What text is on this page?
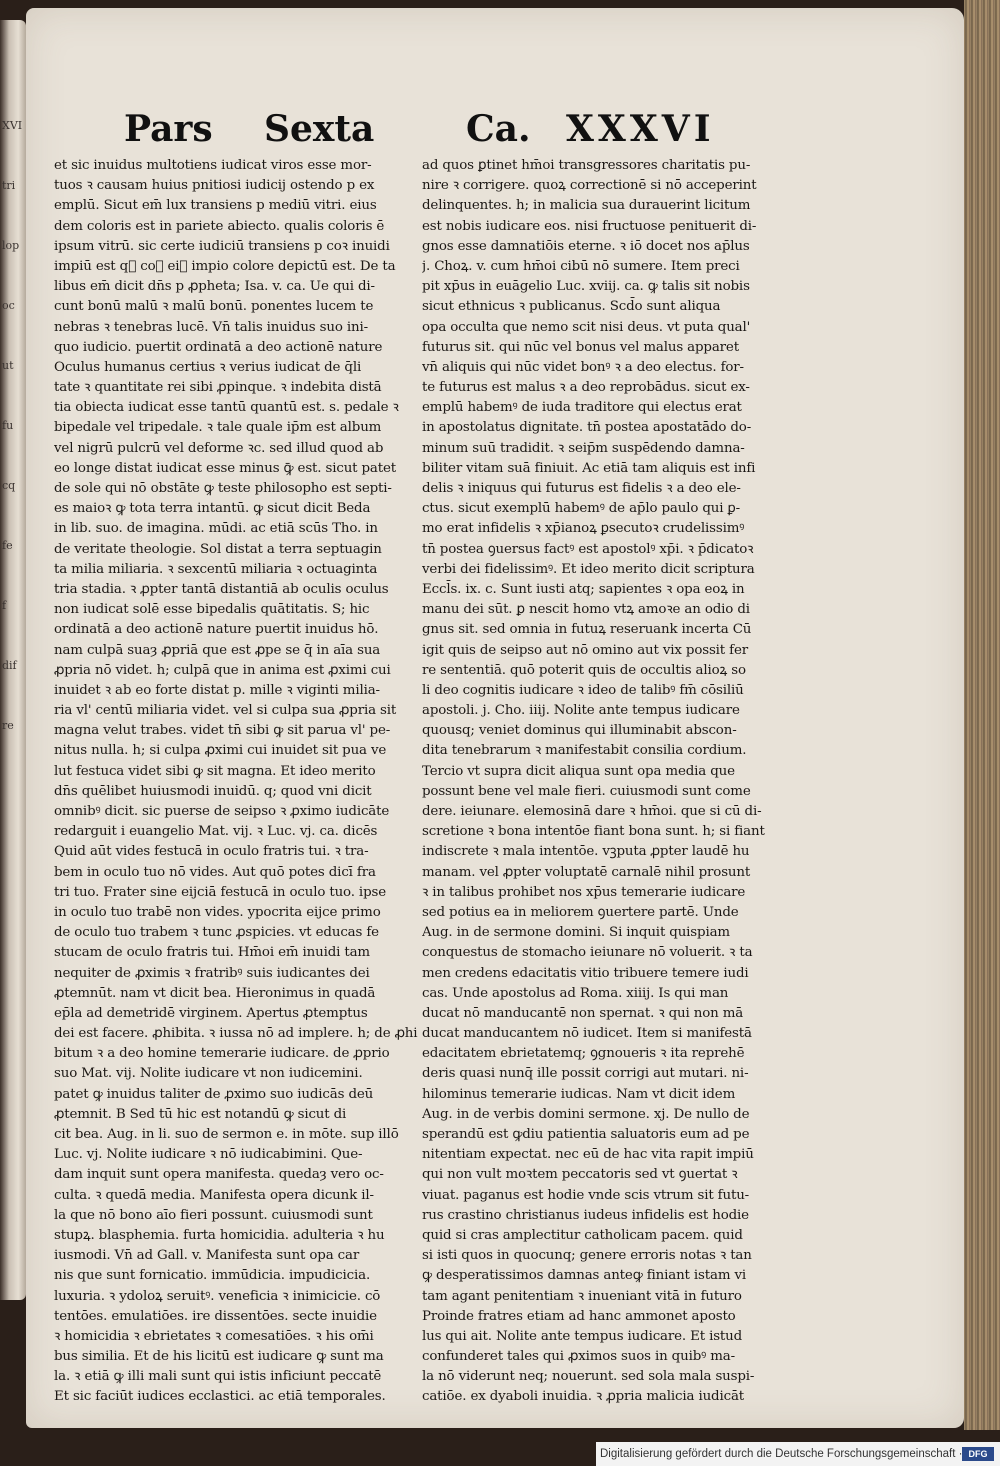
XVI
tri
lop
oc
ut
fu
cq
fe
f
dif
re
Pars Sexta	Ca. XXXVI
et sic inuidus multotiens iudicat viros esse mor-
tuos ꝛ causam huius pnitiosi iudicij ostendo p ex
emplū. Sicut em̄ lux transiens p mediū vitri. eius
dem coloris est in pariete abiecto. qualis coloris ē
ipsum vitrū. sic certe iudiciū transiens p coꝛ inuidi
impiū est q᷑ coꝛ eiꝰ impio colore depictū est. De ta
libus em̄ dicit dn̄s p ꝓpheta; Isa. v. ca. Ue qui di-
cunt bonū malū ꝛ malū bonū. ponentes lucem te
nebras ꝛ tenebras lucē. Vn̄ talis inuidus suo ini-
quo iudicio. puertit ordinatā a deo actionē nature
Oculus humanus certius ꝛ verius iudicat de q̄li
tate ꝛ quantitate rei sibi ꝓpinque. ꝛ indebita distā
tia obiecta iudicat esse tantū quantū est. s. pedale ꝛ
bipedale vel tripedale. ꝛ tale quale ip̄m est album
vel nigrū pulcrū vel deforme ꝛc. sed illud quod ab
eo longe distat iudicat esse minus ꝙ̄ est. sicut patet
de sole qui nō obstāte ꝙ teste philosopho est septi-
es maioꝛ ꝙ tota terra intantū. ꝙ sicut dicit Beda
in lib. suo. de imagina. mūdi. ac etiā scūs Tho. in
de veritate theologie. Sol distat a terra septuagin
ta milia miliaria. ꝛ sexcentū miliaria ꝛ octuaginta
tria stadia. ꝛ ꝓpter tantā distantiā ab oculis oculus
non iudicat solē esse bipedalis quātitatis. S; hic
ordinatā a deo actionē nature puertit inuidus hō.
nam culpā suaȝ ꝓpriā que est ꝓpe se q̄ in aīa sua
ꝓpria nō videt. h; culpā que in anima est ꝓximi cui
inuidet ꝛ ab eo forte distat p. mille ꝛ viginti milia-
ria vl' centū miliaria videt. vel si culpa sua ꝓpria sit
magna velut trabes. videt tn̄ sibi ꝙ sit parua vl' pe-
nitus nulla. h; si culpa ꝓximi cui inuidet sit pua ve
lut festuca videt sibi ꝙ sit magna. Et ideo merito
dn̄s quēlibet huiusmodi inuidū. q; quod vni dicit
omnibꝰ dicit. sic puerse de seipso ꝛ ꝓximo iudicāte
redarguit i euangelio Mat. vij. ꝛ Luc. vj. ca. dicēs
Quid aūt vides festucā in oculo fratris tui. ꝛ tra-
bem in oculo tuo nō vides. Aut quō potes dicī fra
tri tuo. Frater sine eijciā festucā in oculo tuo. ipse
in oculo tuo trabē non vides. ypocrita eijce primo
de oculo tuo trabem ꝛ tunc ꝓspicies. vt educas fe
stucam de oculo fratris tui. Hm̄oi em̄ inuidi tam
nequiter de ꝓximis ꝛ fratribꝰ suis iudicantes dei
ꝓtemnūt. nam vt dicit bea. Hieronimus in quadā
ep̄la ad demetridē virginem. Apertus ꝓtemptus
dei est facere. ꝓhibita. ꝛ iussa nō ad implere. h; de ꝓhi
bitum ꝛ a deo homine temerarie iudicare. de ꝓprio
suo Mat. vij. Nolite iudicare vt non iudicemini.
patet ꝙ inuidus taliter de ꝓximo suo iudicās deū
ꝓtemnit. B Sed tū hic est notandū ꝙ sicut di
cit bea. Aug. in li. suo de sermon e. in mōte. sup illō
Luc. vj. Nolite iudicare ꝛ nō iudicabimini. Que-
dam inquit sunt opera manifesta. quedaȝ vero oc-
culta. ꝛ quedā media. Manifesta opera dicunk il-
la que nō bono aīo fieri possunt. cuiusmodi sunt
stupꝝ. blasphemia. furta homicidia. adulteria ꝛ hu
iusmodi. Vn̄ ad Gall. v. Manifesta sunt opa car
nis que sunt fornicatio. immūdicia. impudicicia.
luxuria. ꝛ ydoloꝝ seruitꝰ. veneficia ꝛ inimicicie. cō
tentōes. emulatiōes. ire dissentōes. secte inuidie
ꝛ homicidia ꝛ ebrietates ꝛ comesatiōes. ꝛ his om̄i
bus similia. Et de his licitū est iudicare ꝙ sunt ma
la. ꝛ etiā ꝙ illi mali sunt qui istis inficiunt peccatē
Et sic faciūt iudices ecclastici. ac etiā temporales.
ad quos ꝑtinet hm̄oi transgressores charitatis pu-
nire ꝛ corrigere. quoꝝ correctionē si nō acceperint
delinquentes. h; in malicia sua durauerint licitum
est nobis iudicare eos. nisi fructuose penituerit di-
gnos esse damnatiōis eterne. ꝛ iō docet nos ap̄lus
j. Choꝝ. v. cum hm̄oi cibū nō sumere. Item preci
pit xp̄us in euāgelio Luc. xviij. ca. ꝙ talis sit nobis
sicut ethnicus ꝛ publicanus. Scd̄o sunt aliqua
opa occulta que nemo scit nisi deus. vt puta qual'
futurus sit. qui nūc vel bonus vel malus apparet
vn̄ aliquis qui nūc videt bonꝰ ꝛ a deo electus. for-
te futurus est malus ꝛ a deo reprobādus. sicut ex-
emplū habemꝰ de iuda traditore qui electus erat
in apostolatus dignitate. tn̄ postea apostatādo do-
minum suū tradidit. ꝛ seip̄m suspēdendo damna-
biliter vitam suā finiuit. Ac etiā tam aliquis est infi
delis ꝛ iniquus qui futurus est fidelis ꝛ a deo ele-
ctus. sicut exemplū habemꝰ de ap̄lo paulo qui ꝑ-
mo erat infidelis ꝛ xp̄ianoꝝ ꝑsecutoꝛ crudelissimꝰ
tn̄ postea ꝯuersus factꝰ est apostolꝰ xp̄i. ꝛ p̄dicatoꝛ
verbi dei fidelissimꝰ. Et ideo merito dicit scriptura
Eccl̄s. ix. c. Sunt iusti atq; sapientes ꝛ opa eoꝝ in
manu dei sūt. ꝑ nescit homo vtꝝ amoꝛe an odio di
gnus sit. sed omnia in futuꝝ reseruank incerta Cū
igit quis de seipso aut nō omino aut vix possit fer
re sententiā. quō poterit quis de occultis alioꝝ so
li deo cognitis iudicare ꝛ ideo de talibꝰ fm̄ cōsiliū
apostoli. j. Cho. iiij. Nolite ante tempus iudicare
quousq; veniet dominus qui illuminabit abscon-
dita tenebrarum ꝛ manifestabit consilia cordium.
Tercio vt supra dicit aliqua sunt opa media que
possunt bene vel male fieri. cuiusmodi sunt come
dere. ieiunare. elemosinā dare ꝛ hm̄oi. que si cū di-
scretione ꝛ bona intentōe fiant bona sunt. h; si fiant
indiscrete ꝛ mala intentōe. vꝫputa ꝓpter laudē hu
manam. vel ꝓpter voluptatē carnalē nihil prosunt
ꝛ in talibus prohibet nos xp̄us temerarie iudicare
sed potius ea in meliorem ꝯuertere partē. Unde
Aug. in de sermone domini. Si inquit quispiam
conquestus de stomacho ieiunare nō voluerit. ꝛ ta
men credens edacitatis vitio tribuere temere iudi
cas. Unde apostolus ad Roma. xiiij. Is qui man
ducat nō manducantē non spernat. ꝛ qui non mā
ducat manducantem nō iudicet. Item si manifestā
edacitatem ebrietatemq; ꝯgnoueris ꝛ ita reprehē
deris quasi nunq̄ ille possit corrigi aut mutari. ni-
hilominus temerarie iudicas. Nam vt dicit idem
Aug. in de verbis domini sermone. xj. De nullo de
sperandū est ꝙdiu patientia saluatoris eum ad pe
nitentiam expectat. nec eū de hac vita rapit impiū
qui non vult moꝛtem peccatoris sed vt ꝯuertat ꝛ
viuat. paganus est hodie vnde scis vtrum sit futu-
rus crastino christianus iudeus infidelis est hodie
quid si cras amplectitur catholicam pacem. quid
si isti quos in quocunq; genere erroris notas ꝛ tan
ꝙ desperatissimos damnas anteꝙ finiant istam vi
tam agant penitentiam ꝛ inueniant vitā in futuro
Proinde fratres etiam ad hanc ammonet aposto
lus qui ait. Nolite ante tempus iudicare. Et istud
confunderet tales qui ꝓximos suos in quibꝰ ma-
la nō viderunt neq; nouerunt. sed sola mala suspi-
catiōe. ex dyaboli inuidia. ꝛ ꝓpria malicia iudicāt
Digitalisierung gefördert durch die Deutsche Forschungsgemeinschaft · DFG
